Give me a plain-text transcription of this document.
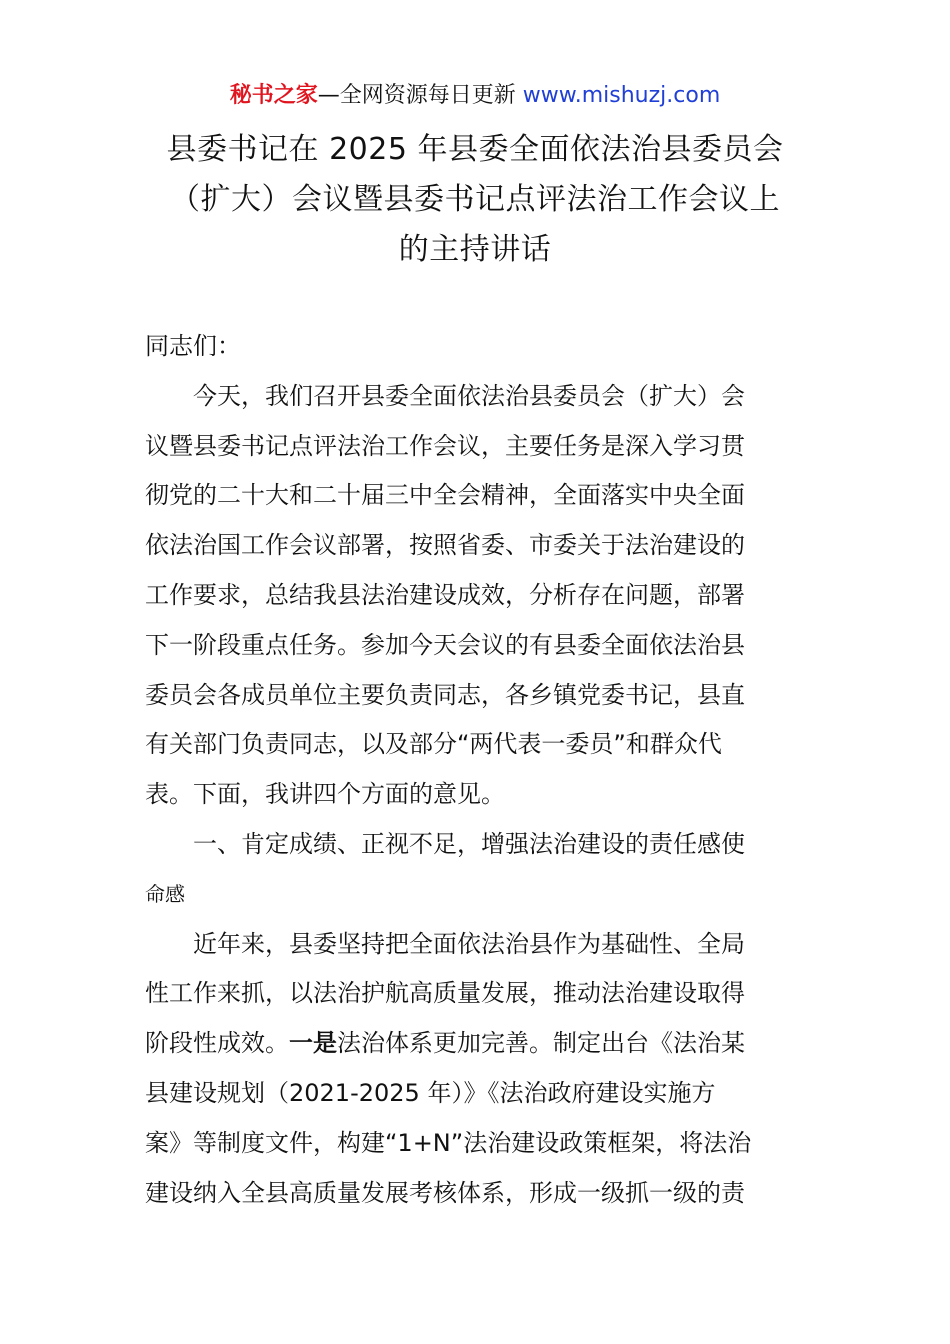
秘书之家—全网资源每日更新 www.mishuzj.com
县委书记在 2025 年县委全面依法治县委员会
（扩大）会议暨县委书记点评法治工作会议上
的主持讲话
同志们：
　　今天，我们召开县委全面依法治县委员会（扩大）会
议暨县委书记点评法治工作会议，主要任务是深入学习贯
彻党的二十大和二十届三中全会精神，全面落实中央全面
依法治国工作会议部署，按照省委、市委关于法治建设的
工作要求，总结我县法治建设成效，分析存在问题，部署
下一阶段重点任务。参加今天会议的有县委全面依法治县
委员会各成员单位主要负责同志，各乡镇党委书记，县直
有关部门负责同志，以及部分“两代表一委员”和群众代
表。下面，我讲四个方面的意见。
　　一、肯定成绩、正视不足，增强法治建设的责任感使
命感
　　近年来，县委坚持把全面依法治县作为基础性、全局
性工作来抓，以法治护航高质量发展，推动法治建设取得
阶段性成效。一是法治体系更加完善。制定出台《法治某
县建设规划（2021-2025 年）》《法治政府建设实施方
案》等制度文件，构建“1+N”法治建设政策框架，将法治
建设纳入全县高质量发展考核体系，形成一级抓一级的责
